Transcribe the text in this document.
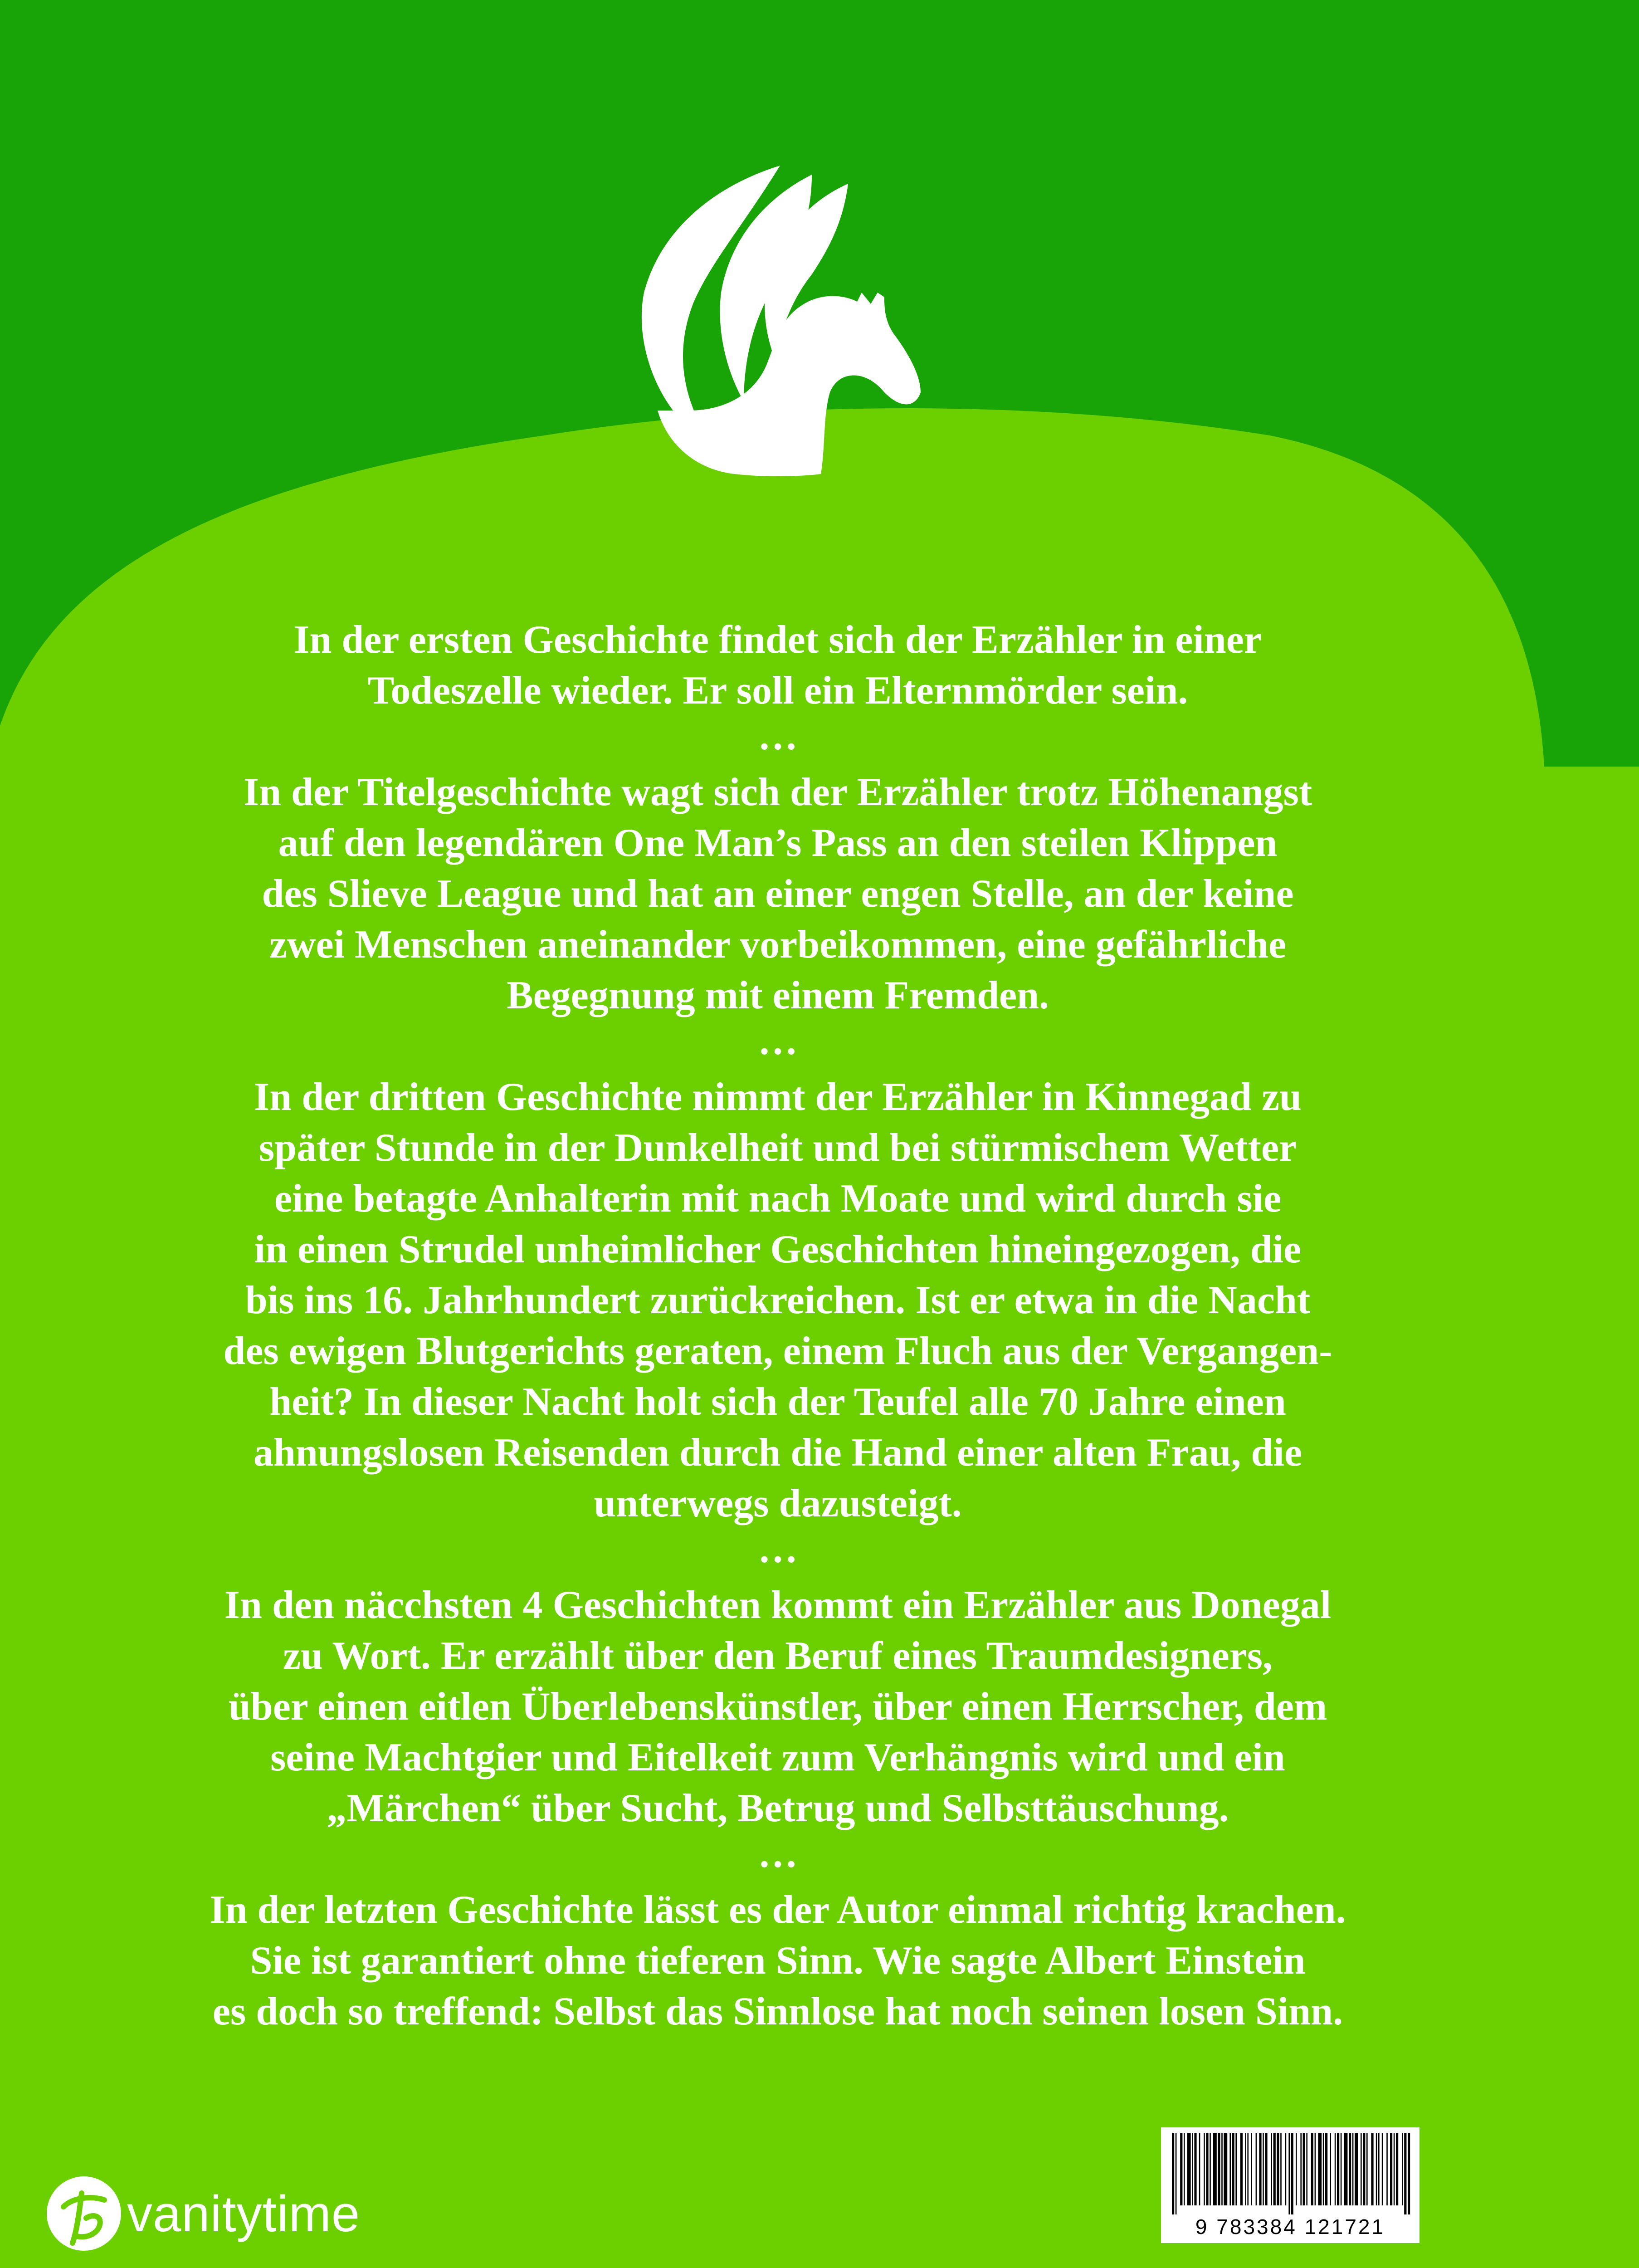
In der ersten Geschichte findet sich der Erzähler in einer
Todeszelle wieder. Er soll ein Elternmörder sein.
…
In der Titelgeschichte wagt sich der Erzähler trotz Höhenangst
auf den legendären One Man’s Pass an den steilen Klippen
des Slieve League und hat an einer engen Stelle, an der keine
zwei Menschen aneinander vorbeikommen, eine gefährliche
Begegnung mit einem Fremden.
…
In der dritten Geschichte nimmt der Erzähler in Kinnegad zu
später Stunde in der Dunkelheit und bei stürmischem Wetter
eine betagte Anhalterin mit nach Moate und wird durch sie
in einen Strudel unheimlicher Geschichten hineingezogen, die
bis ins 16. Jahrhundert zurückreichen. Ist er etwa in die Nacht
des ewigen Blutgerichts geraten, einem Fluch aus der Vergangen-
heit? In dieser Nacht holt sich der Teufel alle 70 Jahre einen
ahnungslosen Reisenden durch die Hand einer alten Frau, die
unterwegs dazusteigt.
…
In den näcchsten 4 Geschichten kommt ein Erzähler aus Donegal
zu Wort. Er erzählt über den Beruf eines Traumdesigners,
über einen eitlen Überlebenskünstler, über einen Herrscher, dem
seine Machtgier und Eitelkeit zum Verhängnis wird und ein
„Märchen“ über Sucht, Betrug und Selbsttäuschung.
…
In der letzten Geschichte lässt es der Autor einmal richtig krachen.
Sie ist garantiert ohne tieferen Sinn. Wie sagte Albert Einstein
es doch so treffend: Selbst das Sinnlose hat noch seinen losen Sinn.
vanitytime	9 783384 121721
